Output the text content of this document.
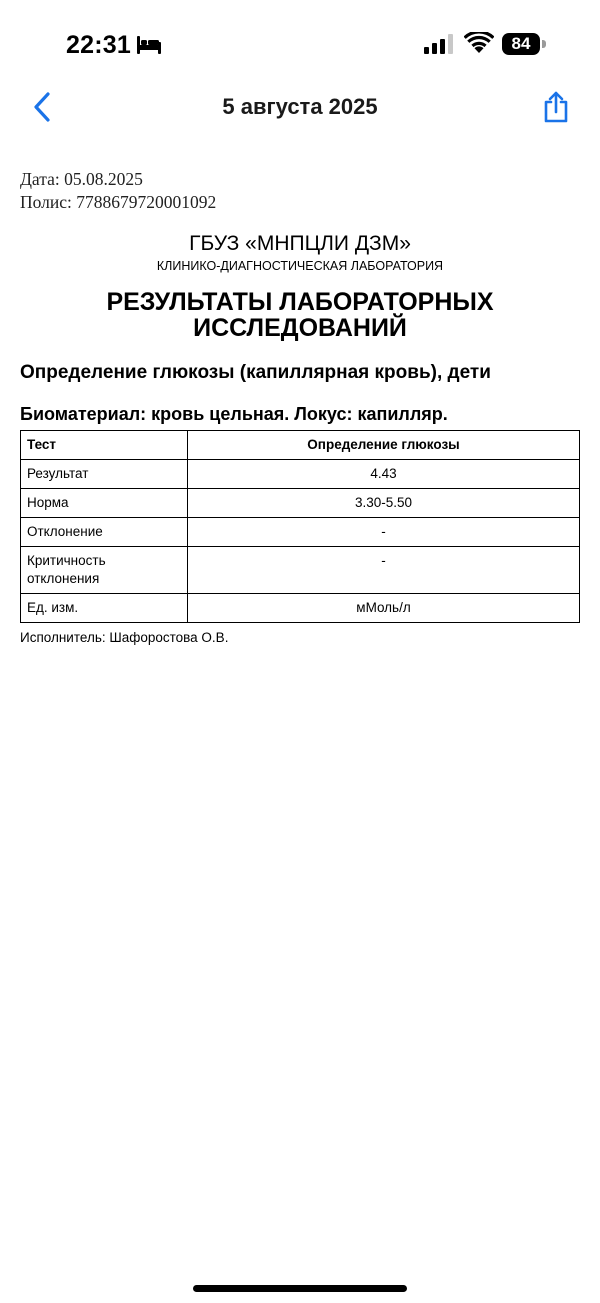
22:31	84
5 августа 2025
Дата: 05.08.2025
Полис: 7788679720001092
ГБУЗ «МНПЦЛИ ДЗМ»
КЛИНИКО-ДИАГНОСТИЧЕСКАЯ ЛАБОРАТОРИЯ
РЕЗУЛЬТАТЫ ЛАБОРАТОРНЫХ ИССЛЕДОВАНИЙ
Определение глюкозы (капиллярная кровь), дети
Биоматериал: кровь цельная. Локус: капилляр.
Тест	Определение глюкозы
Результат	4.43
Норма	3.30-5.50
Отклонение	-
Критичность отклонения	-
Ед. изм.	мМоль/л
Исполнитель: Шафоростова О.В.
